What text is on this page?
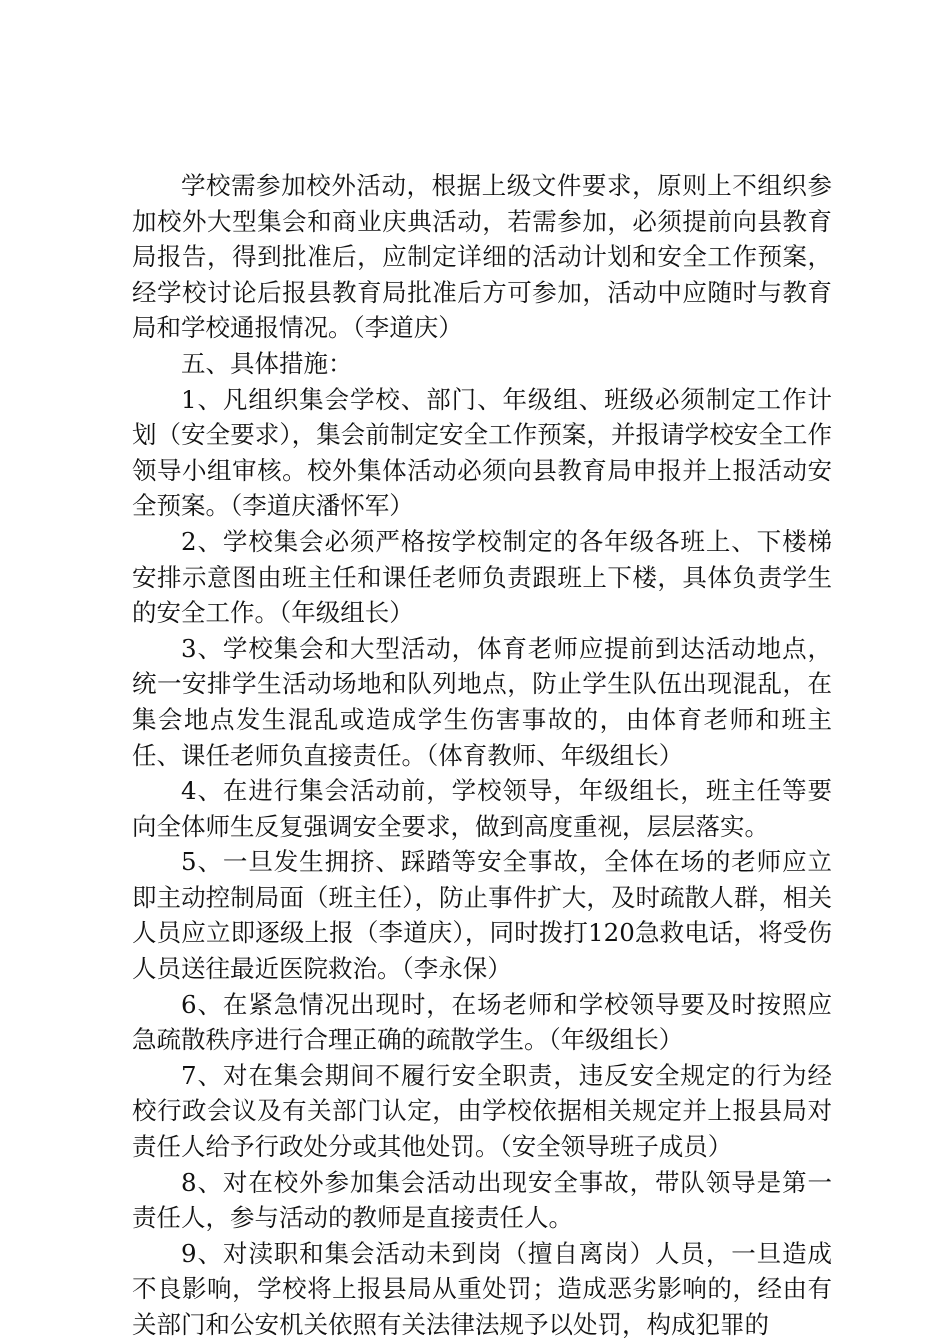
学校需参加校外活动，根据上级文件要求，原则上不组织参加校外大型集会和商业庆典活动，若需参加，必须提前向县教育局报告，得到批准后，应制定详细的活动计划和安全工作预案，经学校讨论后报县教育局批准后方可参加，活动中应随时与教育局和学校通报情况。（李道庆）

五、具体措施：

1、凡组织集会学校、部门、年级组、班级必须制定工作计划（安全要求），集会前制定安全工作预案，并报请学校安全工作领导小组审核。校外集体活动必须向县教育局申报并上报活动安全预案。（李道庆潘怀军）

2、学校集会必须严格按学校制定的各年级各班上、下楼梯安排示意图由班主任和课任老师负责跟班上下楼，具体负责学生的安全工作。（年级组长）

3、学校集会和大型活动，体育老师应提前到达活动地点，统一安排学生活动场地和队列地点，防止学生队伍出现混乱，在集会地点发生混乱或造成学生伤害事故的，由体育老师和班主任、课任老师负直接责任。（体育教师、年级组长）

4、在进行集会活动前，学校领导，年级组长，班主任等要向全体师生反复强调安全要求，做到高度重视，层层落实。

5、一旦发生拥挤、踩踏等安全事故，全体在场的老师应立即主动控制局面（班主任），防止事件扩大，及时疏散人群，相关人员应立即逐级上报（李道庆），同时拨打120急救电话，将受伤人员送往最近医院救治。（李永保）

6、在紧急情况出现时，在场老师和学校领导要及时按照应急疏散秩序进行合理正确的疏散学生。（年级组长）

7、对在集会期间不履行安全职责，违反安全规定的行为经校行政会议及有关部门认定，由学校依据相关规定并上报县局对责任人给予行政处分或其他处罚。（安全领导班子成员）

8、对在校外参加集会活动出现安全事故，带队领导是第一责任人，参与活动的教师是直接责任人。

9、对渎职和集会活动未到岗（擅自离岗）人员，一旦造成不良影响，学校将上报县局从重处罚；造成恶劣影响的，经由有关部门和公安机关依照有关法律法规予以处罚，构成犯罪的
